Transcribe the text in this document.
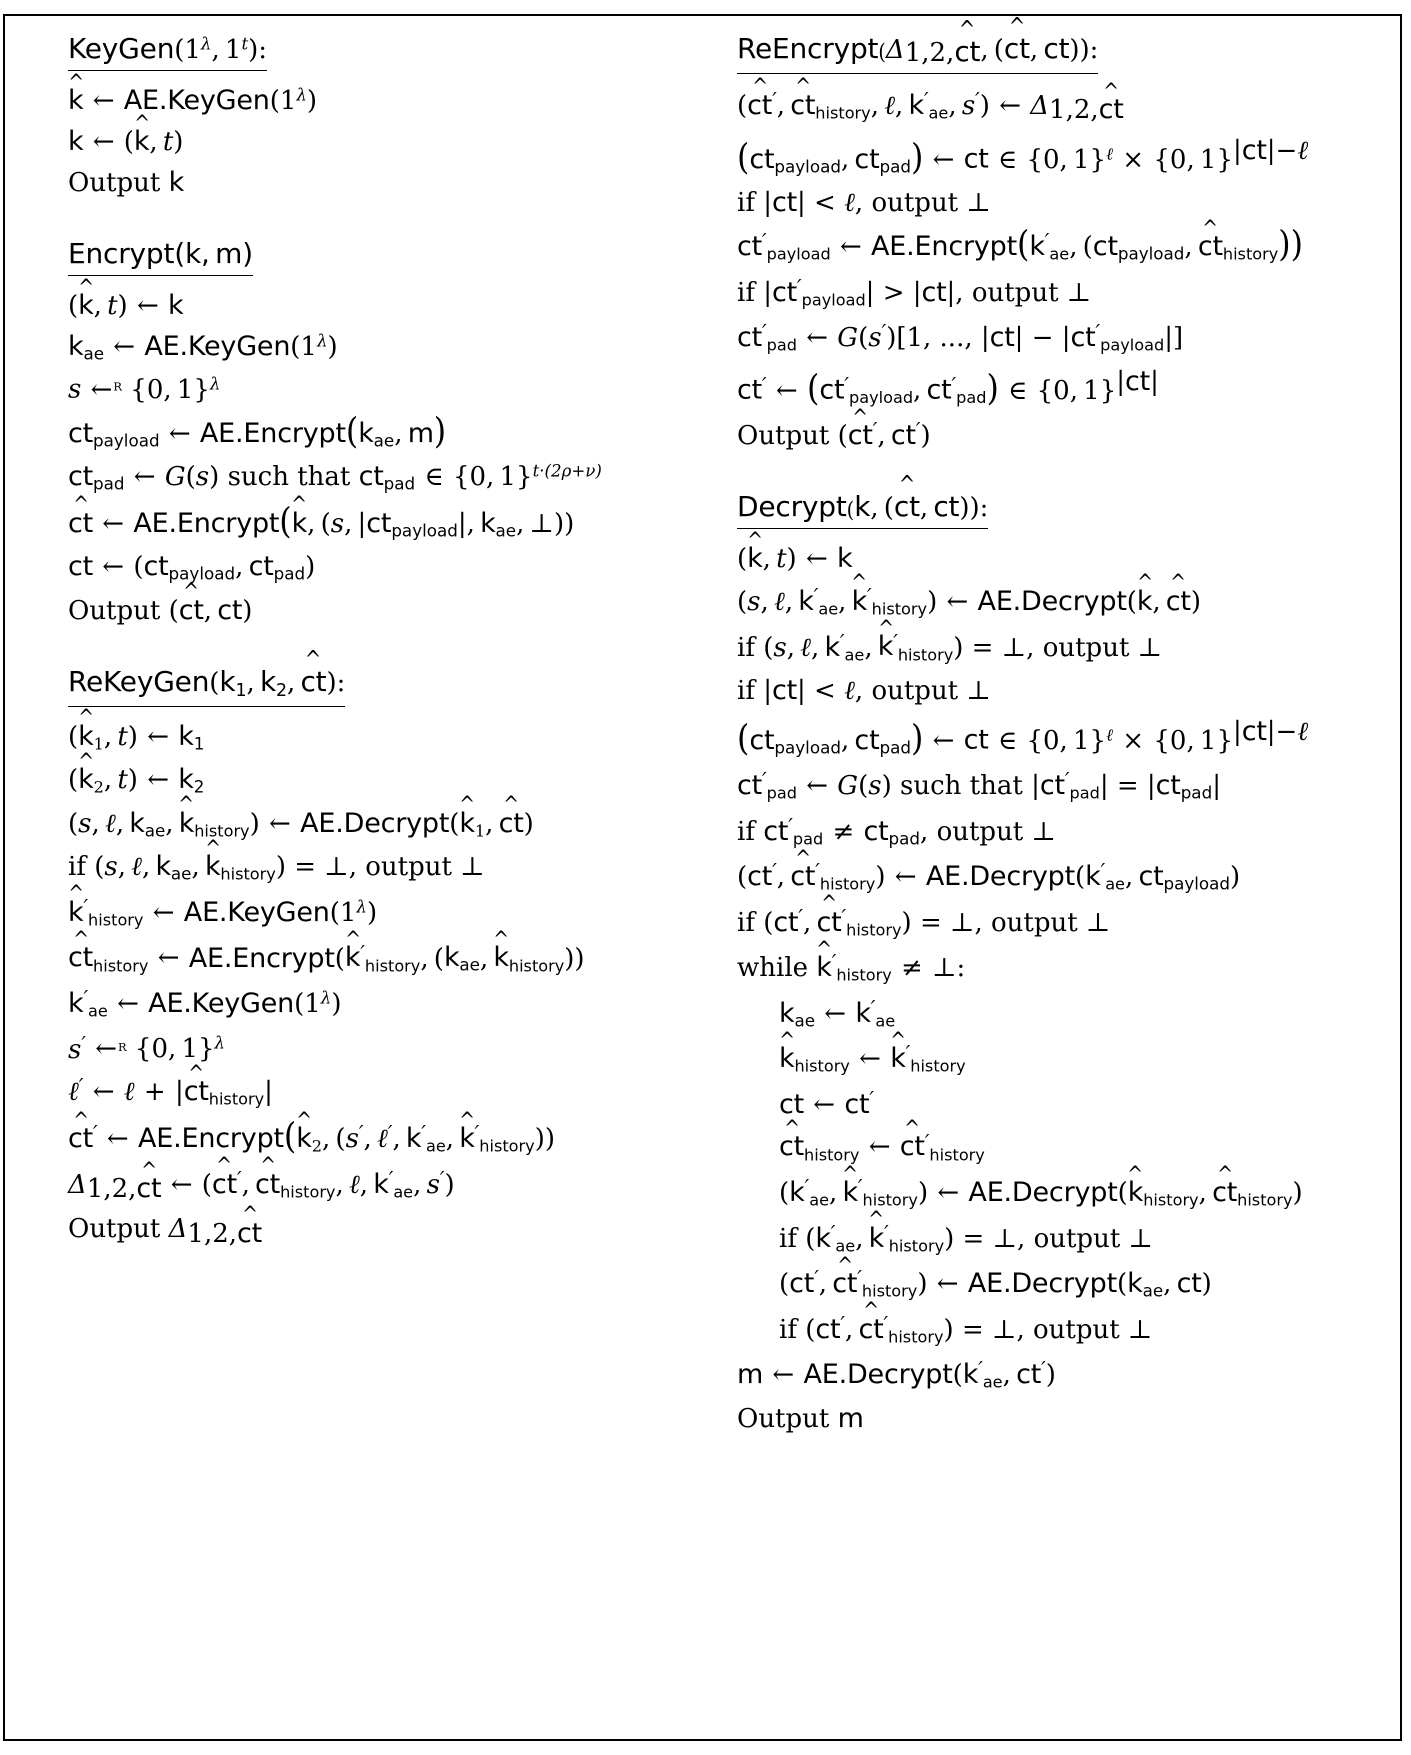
$KeyGen(1^\lambda$, 1$^t$):
^ k ← $AE.KeyGen(1^\lambda)$
k ← (^ k, t)
Output k
Encrypt(k, m)
(^ k, t) ← k
$k_{ae}$ ← $AE.KeyGen(1^\lambda)$
s ←$^R$ {0, 1}$^\lambda$
$ct_{payload}$ ← $AE.Encrypt(k_{ae}$, m)
$ct_{pad}$ ← G(s) such that $ct_{pad}$ ∈ {0, 1}$^{t\cdot(2\rho+\nu)}$
^ ct ← AE.Encrypt(^ k, (s, $|ct_{payload}|$, $k_{ae}$, ⊥))
ct ← ($ct_{payload}$, $ct_{pad}$)
Output (^ ct, ct)
$ReKeyGen(k_1$, $k_2$, ^ ct):
(^ $k_1$, t) ← $k_1$
(^ $k_2$, t) ← $k_2$
(s, ℓ, $k_{ae}$, ^ $k_{history}$) ← AE.Decrypt(^ $k_1$, ^ ct)
if (s, ℓ, $k_{ae}$, ^ $k_{history}$) = ⊥, output ⊥
^ $k'_{history}$ ← $AE.KeyGen(1^\lambda)$
^ $ct_{history}$ ← AE.Encrypt(^ $k'_{history}$, ($k_{ae}$, ^ $k_{history}$))
$k'_{ae}$ ← $AE.KeyGen(1^\lambda)$
s′ ←$^R$ {0, 1}$^\lambda$
ℓ′ ← ℓ + |^ $ct_{history}|$
^ ct′ ← AE.Encrypt(^ $k_2$, (s′, ℓ′, $k'_{ae}$, ^ $k'_{history}$))
$\Delta_{1,2,\^{} ct}$ ← (^ ct′, ^ $ct_{history}$, ℓ, $k'_{ae}$, s′)
Output $\Delta_{1,2,\^{} ct}$
$ReEncrypt(\Delta_{1,2,\^{} ct}$, (^ ct, ct)):
(^ ct′, ^ $ct_{history}$, ℓ, $k'_{ae}$, s′) ← $\Delta_{1,2,\^{} ct}$
($ct_{payload}$, $ct_{pad}$) ← ct ∈ {0, 1}$^\ell$ × {0, 1}$^{|ct|-\ell}$
if |ct| < ℓ, output ⊥
$ct'_{payload}$ ← $AE.Encrypt(k'_{ae}$, ($ct_{payload}$, ^ $ct_{history}$))
if $|ct'_{payload}| > |ct|$, output ⊥
$ct'_{pad}$ ← G(s′)[1, ..., $|ct| - |ct'_{payload}|$]
ct′ ← ($ct'_{payload}$, $ct'_{pad}$) ∈ {0, 1}$^{|ct|}$
Output (^ ct′, ct′)
Decrypt(k, (^ ct, ct)):
(^ k, t) ← k
(s, ℓ, $k'_{ae}$, ^ $k'_{history}$) ← AE.Decrypt(^ k, ^ ct)
if (s, ℓ, $k'_{ae}$, ^ $k'_{history}$) = ⊥, output ⊥
if |ct| < ℓ, output ⊥
($ct_{payload}$, $ct_{pad}$) ← ct ∈ {0, 1}$^\ell$ × {0, 1}$^{|ct|-\ell}$
$ct'_{pad}$ ← G(s) such that $|ct'_{pad}| = |ct_{pad}|$
if $ct'_{pad} \ne ct_{pad}$, output ⊥
(ct′, ^ $ct'_{history}$) ← $AE.Decrypt(k'_{ae}$, $ct_{payload}$)
if (ct′, ^ $ct'_{history}$) = ⊥, output ⊥
while ^ $k'_{history}$ ≠ ⊥:
$k_{ae}$ ← $k'_{ae}$
^ $k_{history}$ ← ^ $k'_{history}$
ct ← ct′
^ $ct_{history}$ ← ^ $ct'_{history}$
($k'_{ae}$, ^ $k'_{history}$) ← AE.Decrypt(^ $k_{history}$, ^ $ct_{history}$)
if ($k'_{ae}$, ^ $k'_{history}$) = ⊥, output ⊥
(ct′, ^ $ct'_{history}$) ← $AE.Decrypt(k_{ae}$, ct)
if (ct′, ^ $ct'_{history}$) = ⊥, output ⊥
m ← $AE.Decrypt(k'_{ae}$, ct′)
Output m
